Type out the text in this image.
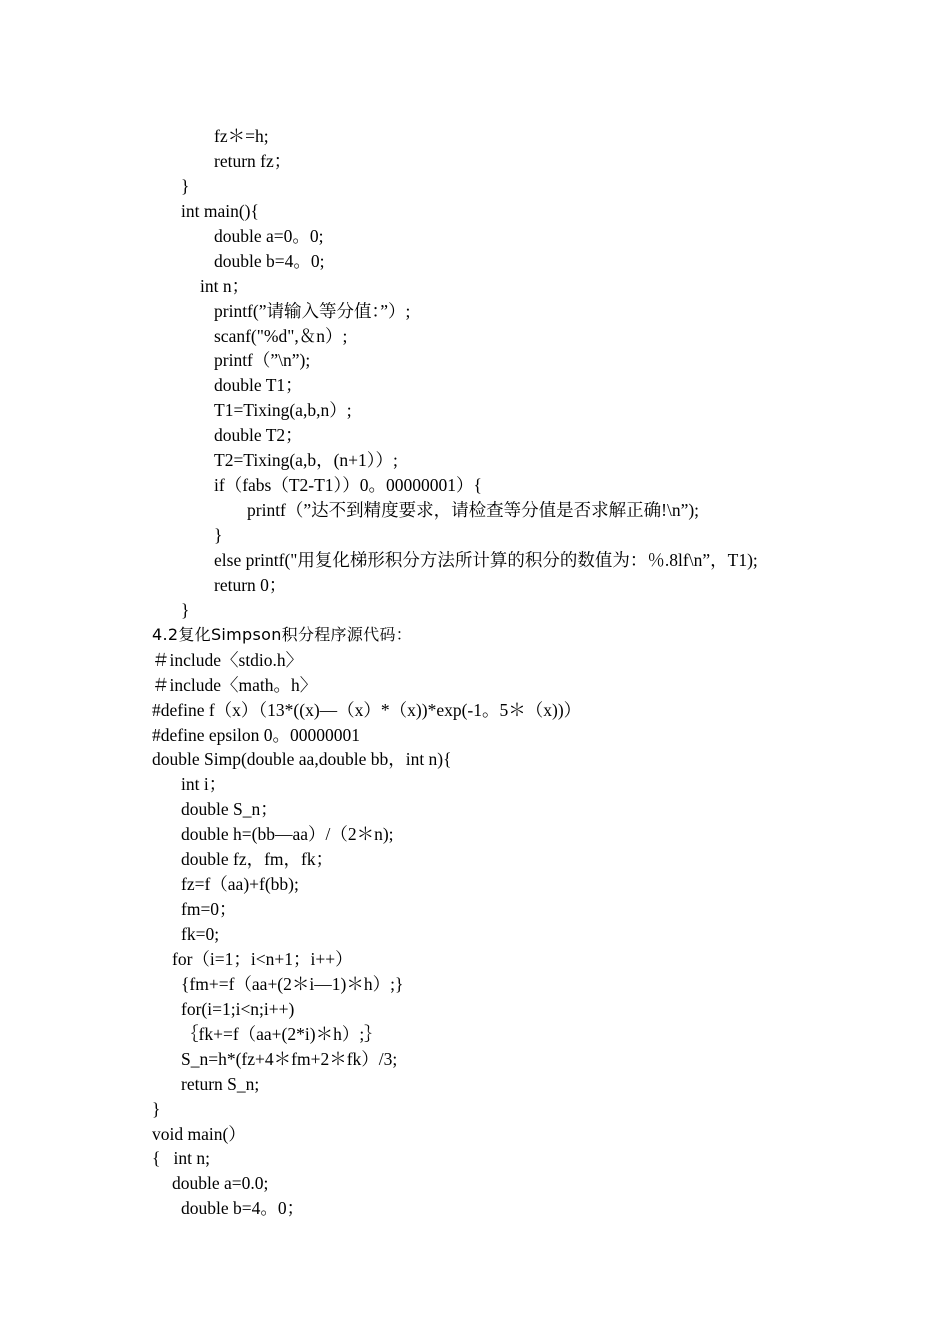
fz＊=h;
return fz；
}
int main(){
double a=0。0;
double b=4。0;
int n；
printf(”请输入等分值：”）;
scanf("%d",＆n）;
printf（”\n”);
double T1；
T1=Tixing(a,b,n）;
double T2；
T2=Tixing(a,b，(n+1））;
if（fabs（T2-T1））0。00000001）{
printf（”达不到精度要求，请检查等分值是否求解正确!\n”);
}
else printf("用复化梯形积分方法所计算的积分的数值为：％.8lf\n”，T1);
return 0；
}
4.2复化Simpson积分程序源代码：
＃include〈stdio.h〉
＃include〈math。h〉
#define f（x）（13*((x)—（x）*（x))*exp(-1。5＊（x))）
#define epsilon 0。00000001
double Simp(double aa,double bb，int n){
int i；
double S_n；
double h=(bb—aa）/（2＊n);
double fz，fm，fk；
fz=f（aa)+f(bb);
fm=0；
fk=0;
for（i=1；i<n+1；i++）
{fm+=f（aa+(2＊i—1)＊h）;}
for(i=1;i<n;i++)
｛fk+=f（aa+(2*i)＊h）;｝
S_n=h*(fz+4＊fm+2＊fk）/3;
return S_n;
}
void main(）
{   int n;
double a=0.0;
double b=4。0；
